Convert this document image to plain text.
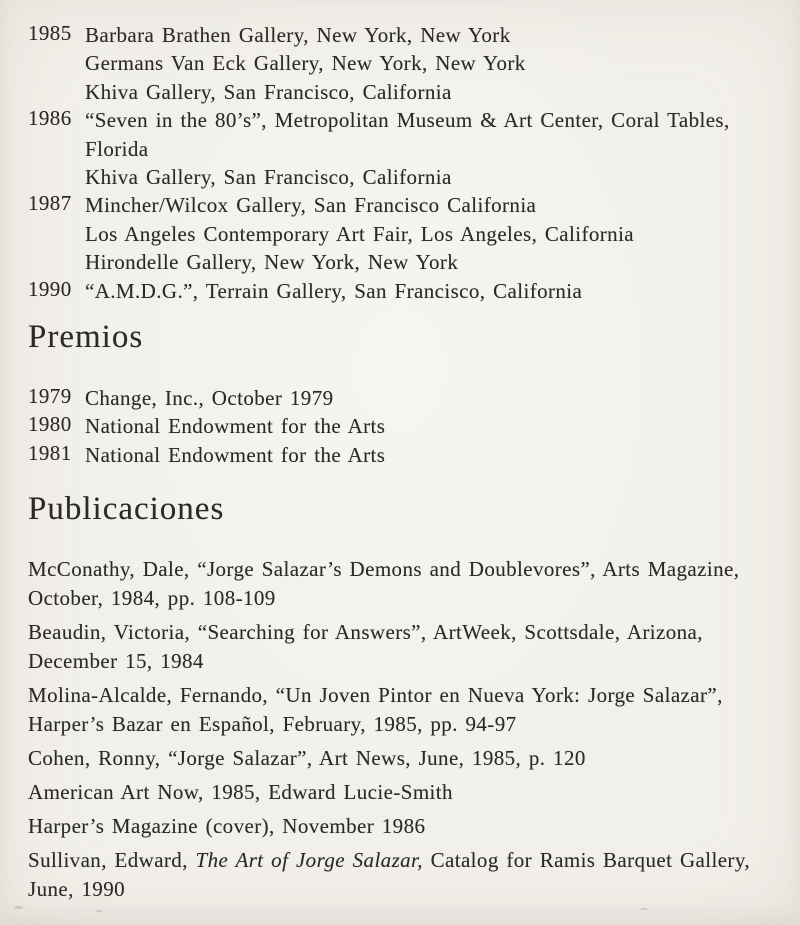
1985 Barbara Brathen Gallery, New York, New York
Germans Van Eck Gallery, New York, New York
Khiva Gallery, San Francisco, California
1986 “Seven in the 80’s”, Metropolitan Museum & Art Center, Coral Tables,
Florida
Khiva Gallery, San Francisco, California
1987 Mincher/Wilcox Gallery, San Francisco California
Los Angeles Contemporary Art Fair, Los Angeles, California
Hirondelle Gallery, New York, New York
1990 “A.M.D.G.”, Terrain Gallery, San Francisco, California
Premios
1979 Change, Inc., October 1979
1980 National Endowment for the Arts
1981 National Endowment for the Arts
Publicaciones
McConathy, Dale, “Jorge Salazar’s Demons and Doublevores”, Arts Magazine,
October, 1984, pp. 108-109
Beaudin, Victoria, “Searching for Answers”, ArtWeek, Scottsdale, Arizona,
December 15, 1984
Molina-Alcalde, Fernando, “Un Joven Pintor en Nueva York: Jorge Salazar”,
Harper’s Bazar en Español, February, 1985, pp. 94-97
Cohen, Ronny, “Jorge Salazar”, Art News, June, 1985, p. 120
American Art Now, 1985, Edward Lucie-Smith
Harper’s Magazine (cover), November 1986
Sullivan, Edward, The Art of Jorge Salazar, Catalog for Ramis Barquet Gallery,
June, 1990
